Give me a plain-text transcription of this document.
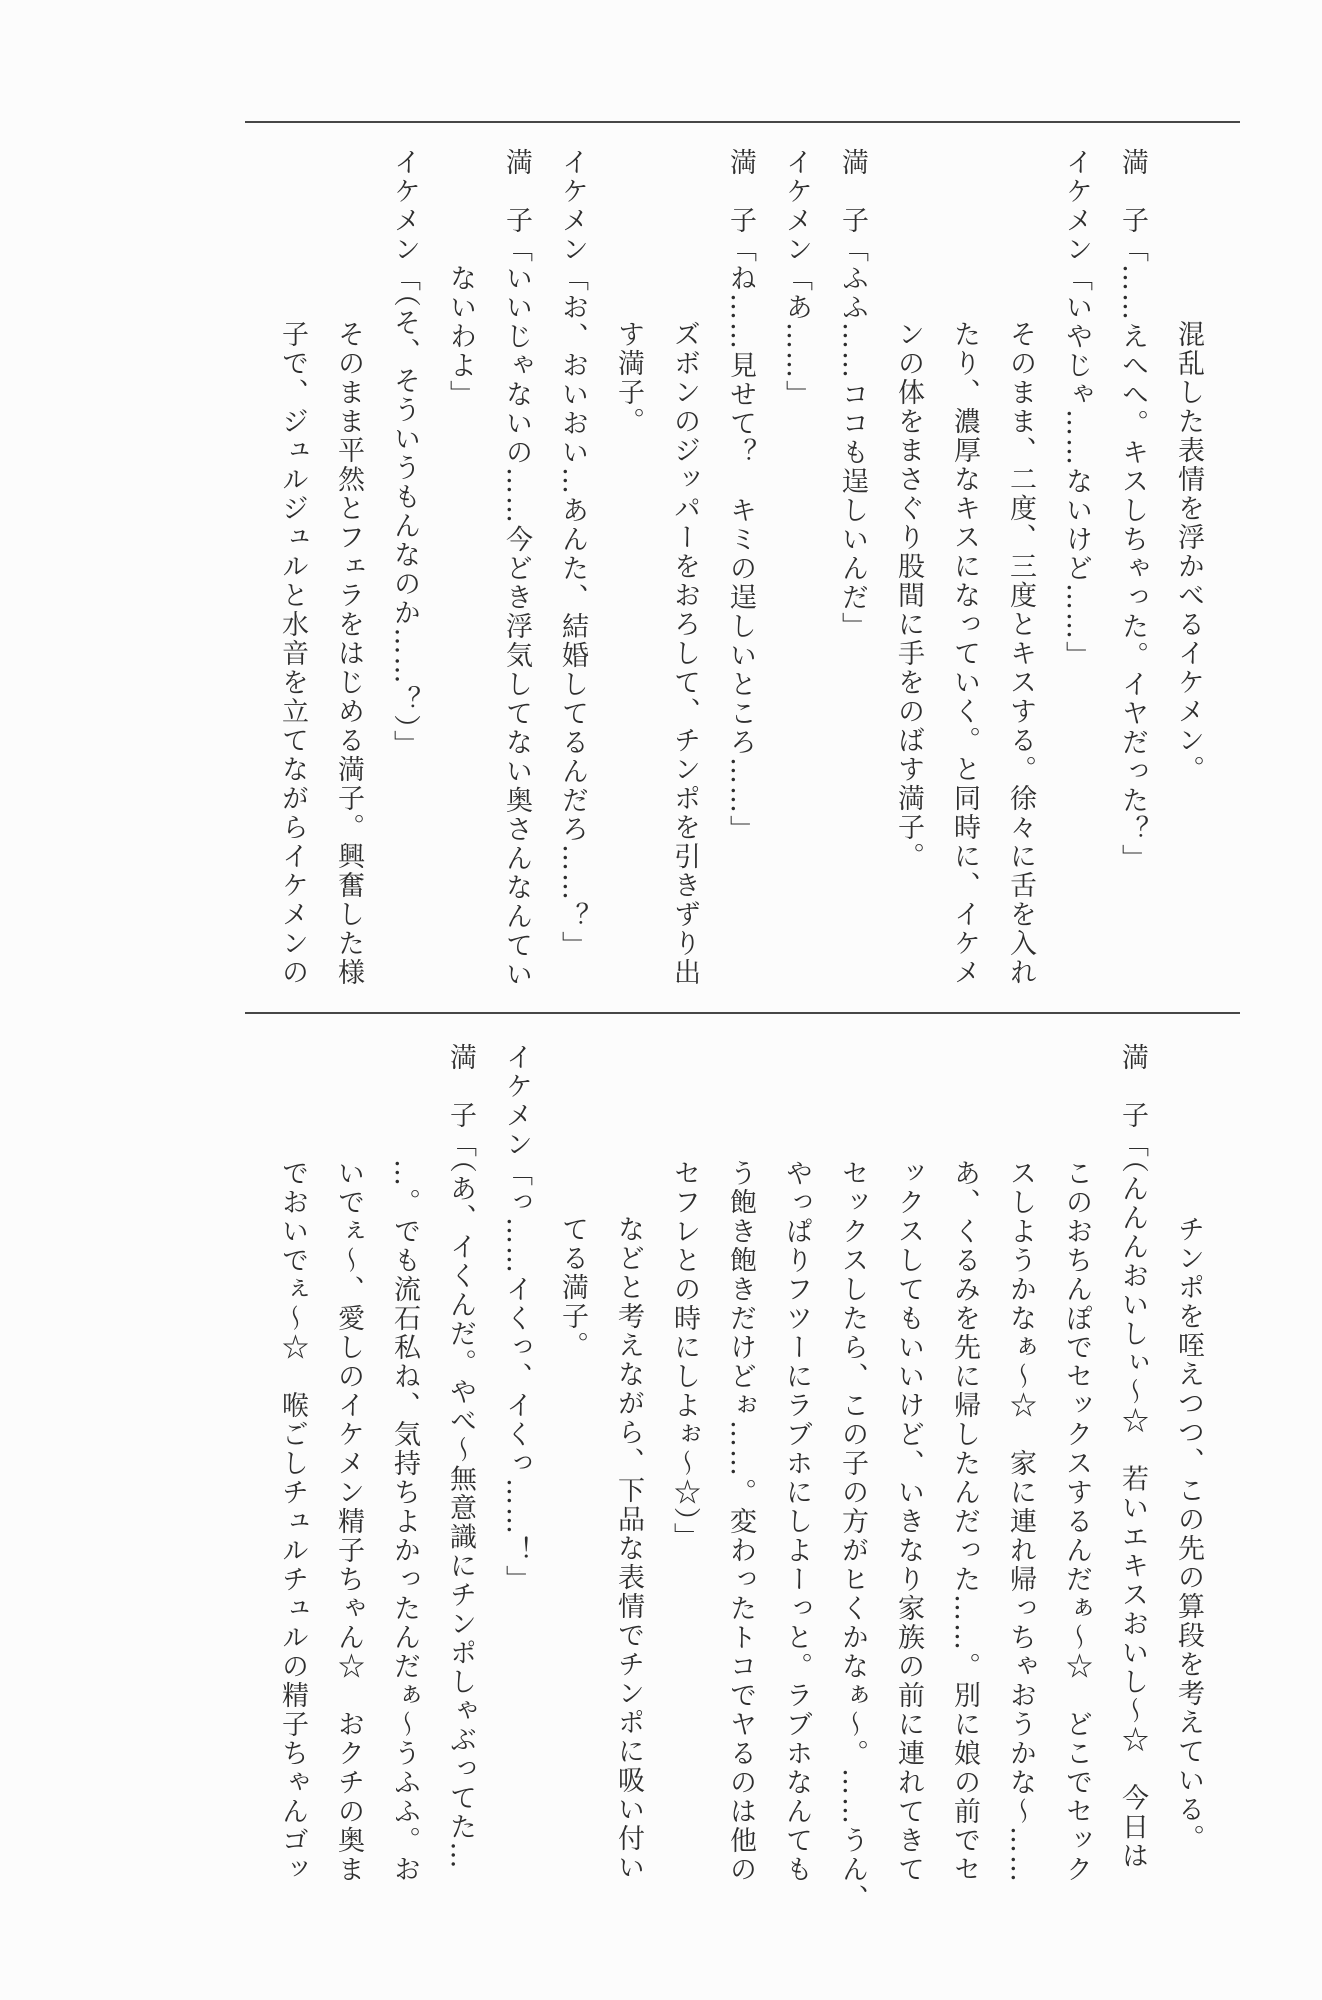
混乱した表情を浮かべるイケメン。
満　子「……えへへ。キスしちゃった。イヤだった？」
イケメン「いやじゃ……ないけど……」
そのまま、二度、三度とキスする。徐々に舌を入れ
たり、濃厚なキスになっていく。と同時に、イケメ
ンの体をまさぐり股間に手をのばす満子。
満　子「ふふ……ココも逞しいんだ」
イケメン「あ……」
満　子「ね……見せて？　キミの逞しいところ……」
ズボンのジッパーをおろして、チンポを引きずり出
す満子。
イケメン「お、おいおい…あんた、結婚してるんだろ……？」
満　子「いいじゃないの……今どき浮気してない奥さんなんてい
ないわよ」
イケメン「（そ、そういうもんなのか……？）」
そのまま平然とフェラをはじめる満子。興奮した様
子で、ジュルジュルと水音を立てながらイケメンの
チンポを咥えつつ、この先の算段を考えている。
満　子「（んんんおいしぃ～☆　若いエキスおいし～☆　今日は
このおちんぽでセックスするんだぁ～☆　どこでセック
スしようかなぁ～☆　家に連れ帰っちゃおうかな～……
あ、くるみを先に帰したんだった……。別に娘の前でセ
ックスしてもいいけど、いきなり家族の前に連れてきて
セックスしたら、この子の方がヒくかなぁ～。……うん、
やっぱりフツーにラブホにしよーっと。ラブホなんても
う飽き飽きだけどぉ……。変わったトコでヤるのは他の
セフレとの時にしよぉ～☆）」
などと考えながら、下品な表情でチンポに吸い付い
てる満子。
イケメン「っ……イくっ、イくっ……！」
満　子「（あ、イくんだ。やべ～無意識にチンポしゃぶってた…
…。でも流石私ね、気持ちよかったんだぁ～うふふ。お
いでぇ～、愛しのイケメン精子ちゃん☆　おクチの奥ま
でおいでぇ～☆　喉ごしチュルチュルの精子ちゃんゴッ
